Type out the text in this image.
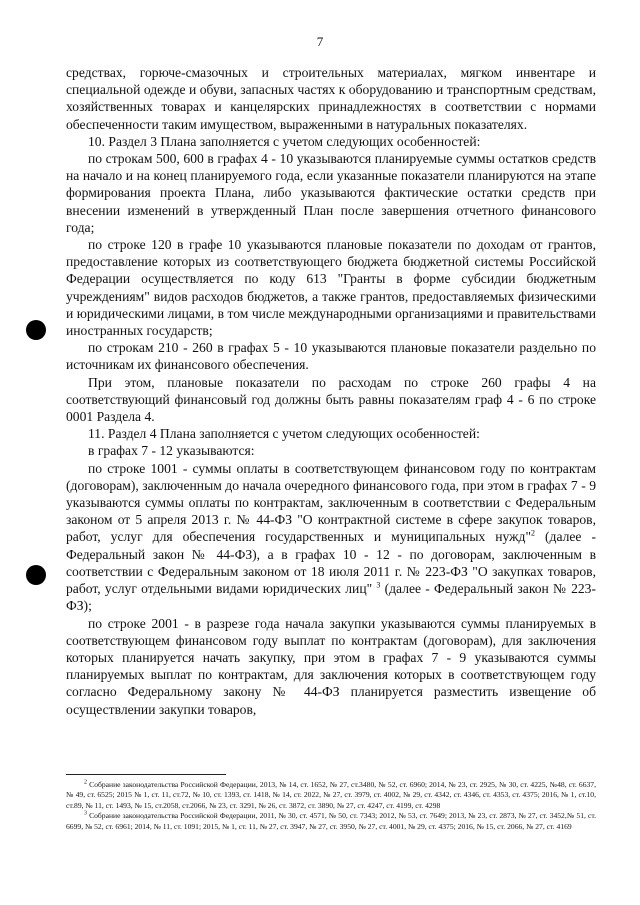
7

средствах, горюче-смазочных и строительных материалах, мягком инвентаре и специальной одежде и обуви, запасных частях к оборудованию и транспортным средствам, хозяйственных товарах и канцелярских принадлежностях в соответствии с нормами обеспеченности таким имуществом, выраженными в натуральных показателях.

10. Раздел 3 Плана заполняется с учетом следующих особенностей:

по строкам 500, 600 в графах 4 - 10 указываются планируемые суммы остатков средств на начало и на конец планируемого года, если указанные показатели планируются на этапе формирования проекта Плана, либо указываются фактические остатки средств при внесении изменений в утвержденный План после завершения отчетного финансового года;

по строке 120 в графе 10 указываются плановые показатели по доходам от грантов, предоставление которых из соответствующего бюджета бюджетной системы Российской Федерации осуществляется по коду 613 "Гранты в форме субсидии бюджетным учреждениям" видов расходов бюджетов, а также грантов, предоставляемых физическими и юридическими лицами, в том числе международными организациями и правительствами иностранных государств;

по строкам 210 - 260 в графах 5 - 10 указываются плановые показатели раздельно по источникам их финансового обеспечения.

При этом, плановые показатели по расходам по строке 260 графы 4 на соответствующий финансовый год должны быть равны показателям граф 4 - 6 по строке 0001 Раздела 4.

11. Раздел 4 Плана заполняется с учетом следующих особенностей:

в графах 7 - 12 указываются:

по строке 1001 - суммы оплаты в соответствующем финансовом году по контрактам (договорам), заключенным до начала очередного финансового года, при этом в графах 7 - 9 указываются суммы оплаты по контрактам, заключенным в соответствии с Федеральным законом от 5 апреля 2013 г. № 44-ФЗ "О контрактной системе в сфере закупок товаров, работ, услуг для обеспечения государственных и муниципальных нужд"$^2$ (далее - Федеральный закон № 44-ФЗ), а в графах 10 - 12 - по договорам, заключенным в соответствии с Федеральным законом от 18 июля 2011 г. № 223-ФЗ "О закупках товаров, работ, услуг отдельными видами юридических лиц" $^3$ (далее - Федеральный закон № 223-ФЗ);

по строке 2001 - в разрезе года начала закупки указываются суммы планируемых в соответствующем финансовом году выплат по контрактам (договорам), для заключения которых планируется начать закупку, при этом в графах 7 - 9 указываются суммы планируемых выплат по контрактам, для заключения которых в соответствующем году согласно Федеральному закону № 44-ФЗ планируется разместить извещение об осуществлении закупки товаров,

$^2$ Собрание законодательства Российской Федерации, 2013, № 14, ст. 1652, № 27, ст.3480, № 52, ст. 6960; 2014, № 23, ст. 2925, № 30, ст. 4225, №48, ст. 6637, № 49, ст. 6525; 2015 № 1, ст. 11, ст.72, № 10, ст. 1393, ст. 1418, № 14, ст. 2022, № 27, ст. 3979, ст. 4002, № 29, ст. 4342, ст. 4346, ст. 4353, ст. 4375; 2016, № 1, ст.10, ст.89, № 11, ст. 1493, № 15, ст.2058, ст.2066, № 23, ст. 3291, № 26, ст. 3872, ст. 3890, № 27, ст. 4247, ст. 4199, ст. 4298

$^3$ Собрание законодательства Российской Федерации, 2011, № 30, ст. 4571, № 50, ст. 7343; 2012, № 53, ст. 7649; 2013, № 23, ст. 2873, № 27, ст. 3452,№ 51, ст. 6699, № 52, ст. 6961; 2014, № 11, ст. 1091; 2015, № 1, ст. 11, № 27, ст. 3947, № 27, ст. 3950, № 27, ст. 4001, № 29, ст. 4375; 2016, № 15, ст. 2066, № 27, ст. 4169
